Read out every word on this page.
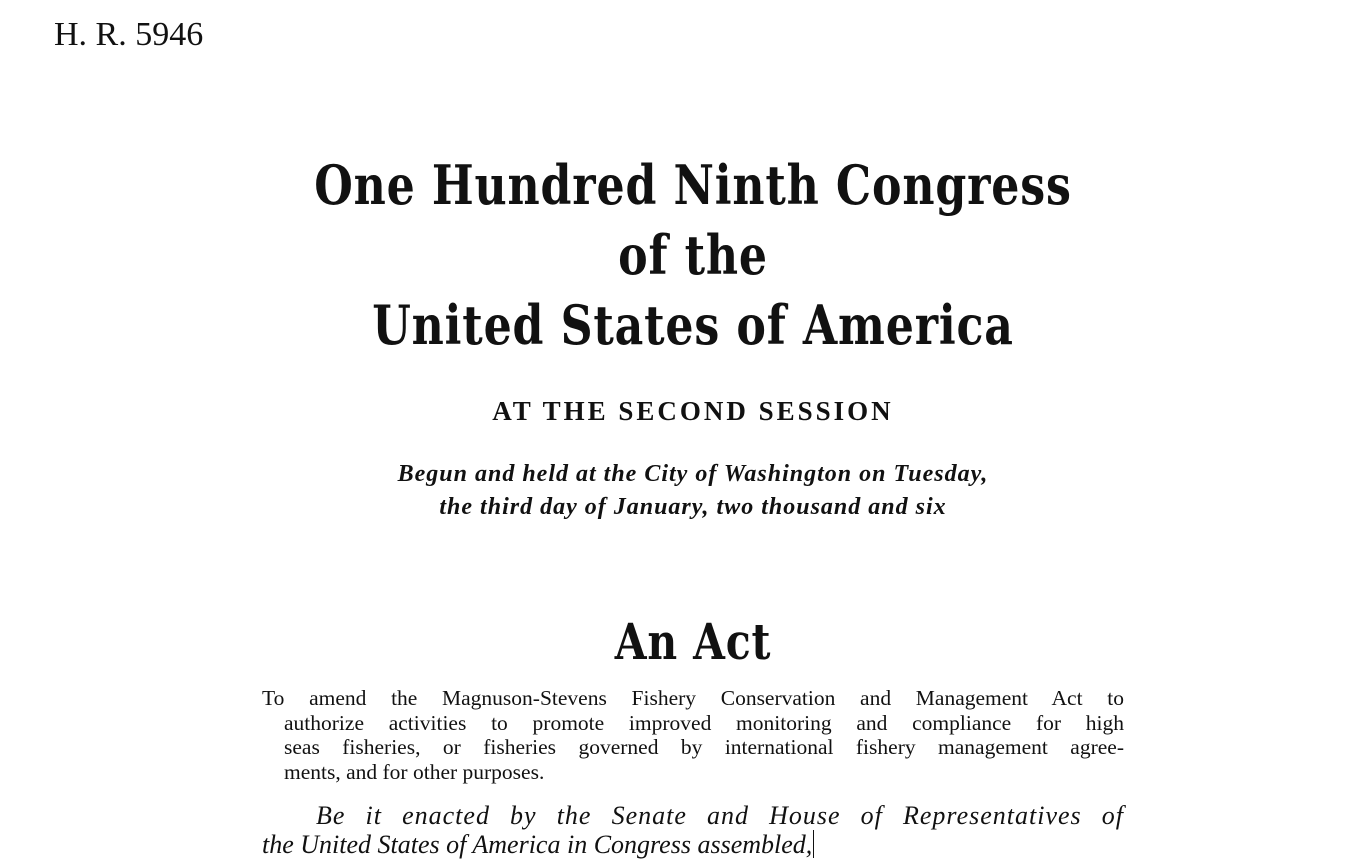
H. R. 5946
One Hundred Ninth Congress
of the
United States of America
AT THE SECOND SESSION
Begun and held at the City of Washington on Tuesday,
the third day of January, two thousand and six
An Act
To amend the Magnuson-Stevens Fishery Conservation and Management Act to
authorize activities to promote improved monitoring and compliance for high
seas fisheries, or fisheries governed by international fishery management agree-
ments, and for other purposes.
Be it enacted by the Senate and House of Representatives of
the United States of America in Congress assembled,
